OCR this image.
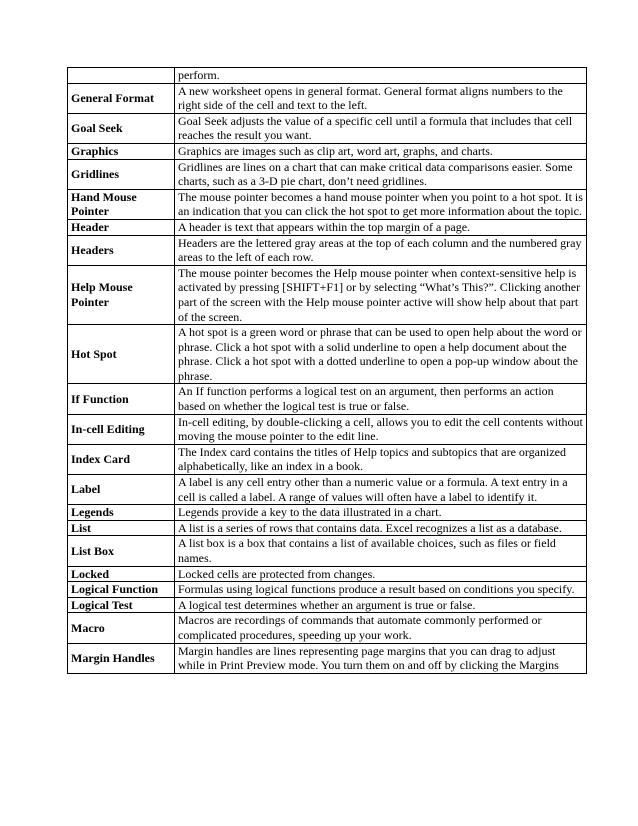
	perform.
General Format	A new worksheet opens in general format. General format aligns numbers to the right side of the cell and text to the left.
Goal Seek	Goal Seek adjusts the value of a specific cell until a formula that includes that cell reaches the result you want.
Graphics	Graphics are images such as clip art, word art, graphs, and charts.
Gridlines	Gridlines are lines on a chart that can make critical data comparisons easier. Some charts, such as a 3-D pie chart, don’t need gridlines.
Hand Mouse Pointer	The mouse pointer becomes a hand mouse pointer when you point to a hot spot. It is an indication that you can click the hot spot to get more information about the topic.
Header	A header is text that appears within the top margin of a page.
Headers	Headers are the lettered gray areas at the top of each column and the numbered gray areas to the left of each row.
Help Mouse Pointer	The mouse pointer becomes the Help mouse pointer when context-sensitive help is activated by pressing [SHIFT+F1] or by selecting “What’s This?”. Clicking another part of the screen with the Help mouse pointer active will show help about that part of the screen.
Hot Spot	A hot spot is a green word or phrase that can be used to open help about the word or phrase. Click a hot spot with a solid underline to open a help document about the phrase. Click a hot spot with a dotted underline to open a pop-up window about the phrase.
If Function	An If function performs a logical test on an argument, then performs an action based on whether the logical test is true or false.
In-cell Editing	In-cell editing, by double-clicking a cell, allows you to edit the cell contents without moving the mouse pointer to the edit line.
Index Card	The Index card contains the titles of Help topics and subtopics that are organized alphabetically, like an index in a book.
Label	A label is any cell entry other than a numeric value or a formula. A text entry in a cell is called a label. A range of values will often have a label to identify it.
Legends	Legends provide a key to the data illustrated in a chart.
List	A list is a series of rows that contains data. Excel recognizes a list as a database.
List Box	A list box is a box that contains a list of available choices, such as files or field names.
Locked	Locked cells are protected from changes.
Logical Function	Formulas using logical functions produce a result based on conditions you specify.
Logical Test	A logical test determines whether an argument is true or false.
Macro	Macros are recordings of commands that automate commonly performed or complicated procedures, speeding up your work.
Margin Handles	Margin handles are lines representing page margins that you can drag to adjust while in Print Preview mode. You turn them on and off by clicking the Margins
